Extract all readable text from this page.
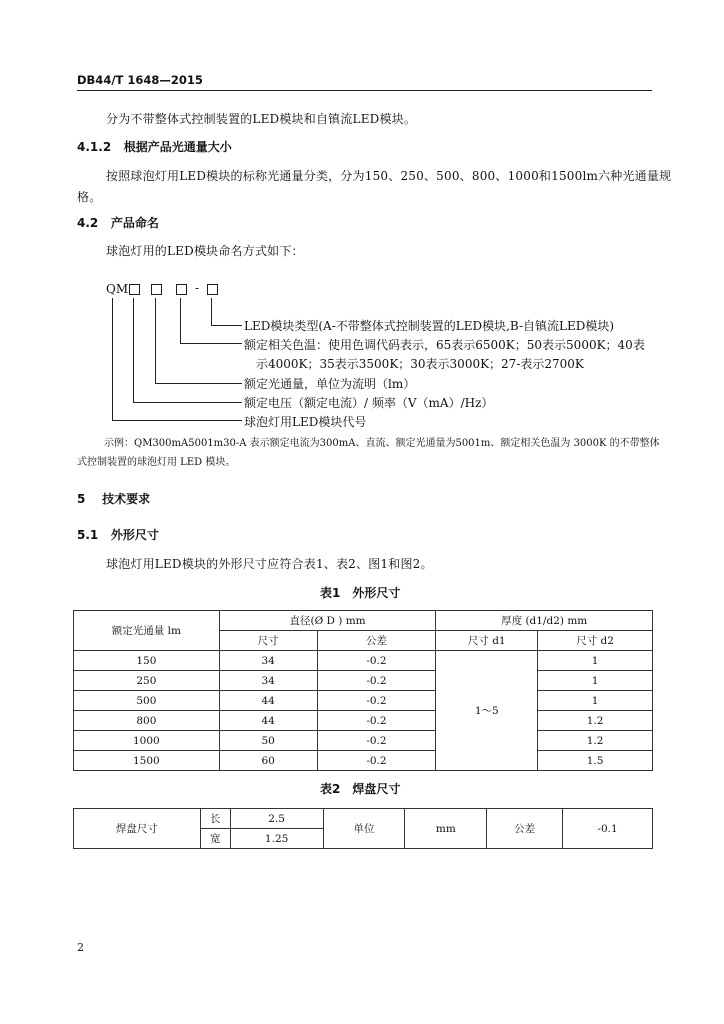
DB44/T 1648—2015
分为不带整体式控制装置的LED模块和自镇流LED模块。
4.1.2 根据产品光通量大小
按照球泡灯用LED模块的标称光通量分类，分为150、250、500、800、1000和1500lm六种光通量规
格。
4.2 产品命名
球泡灯用的LED模块命名方式如下：
QM	-
LED模块类型(A-不带整体式控制装置的LED模块,B-自镇流LED模块)
额定相关色温：使用色调代码表示，65表示6500K；50表示5000K；40表
示4000K；35表示3500K；30表示3000K；27-表示2700K
额定光通量，单位为流明（lm）
额定电压（额定电流）/ 频率（V（mA）/Hz）
球泡灯用LED模块代号
示例：QM300mA5001m30-A 表示额定电流为300mA、直流、额定光通量为5001m、额定相关色温为 3000K 的不带整体
式控制装置的球泡灯用 LED 模块。
5 技术要求
5.1 外形尺寸
球泡灯用LED模块的外形尺寸应符合表1、表2、图1和图2。
表1　外形尺寸
额定光通量 lm	直径(Ø D ) mm		厚度 (d1/d2) mm	
	尺寸	公差	尺寸 d1	尺寸 d2
150	34	-0.2	1～5	1
250	34	-0.2		1
500	44	-0.2		1
800	44	-0.2		1.2
1000	50	-0.2		1.2
1500	60	-0.2		1.5
表2　焊盘尺寸
焊盘尺寸	长	2.5	单位	mm	公差	-0.1
	宽	1.25				
2
